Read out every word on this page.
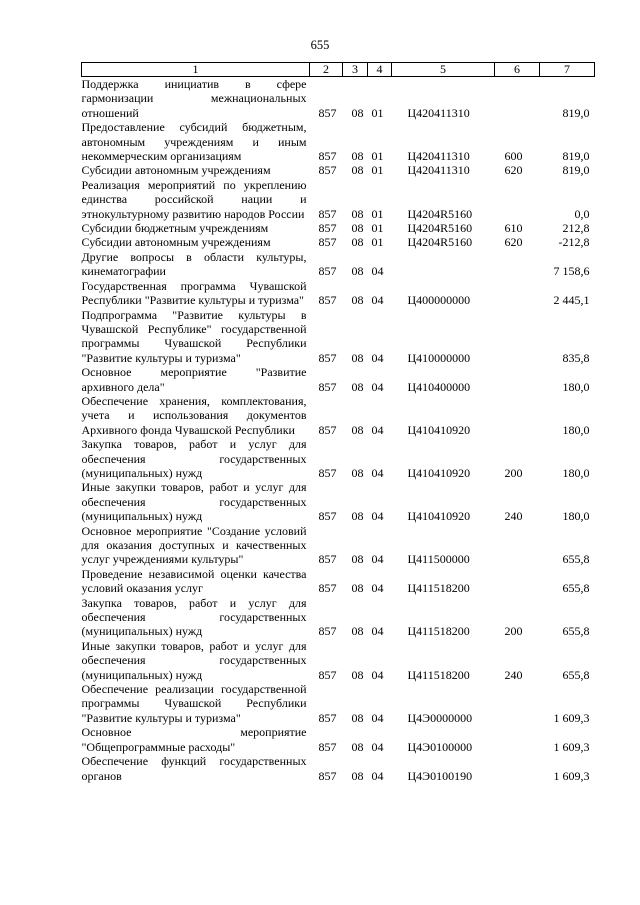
655
1	2	3	4	5	6	7
Поддержка инициатив в сфере гармонизации межнациональных отношений	857	08	01	Ц420411310		819,0
Предоставление субсидий бюджетным, автономным учреждениям и иным некоммерческим организациям	857	08	01	Ц420411310	600	819,0
Субсидии автономным учреждениям	857	08	01	Ц420411310	620	819,0
Реализация мероприятий по укреплению единства российской нации и этнокультурному развитию народов России	857	08	01	Ц4204R5160		0,0
Субсидии бюджетным учреждениям	857	08	01	Ц4204R5160	610	212,8
Субсидии автономным учреждениям	857	08	01	Ц4204R5160	620	-212,8
Другие вопросы в области культуры, кинематографии	857	08	04			7 158,6
Государственная программа Чувашской Республики "Развитие культуры и туризма"	857	08	04	Ц400000000		2 445,1
Подпрограмма "Развитие культуры в Чувашской Республике" государственной программы Чувашской Республики "Развитие культуры и туризма"	857	08	04	Ц410000000		835,8
Основное мероприятие "Развитие архивного дела"	857	08	04	Ц410400000		180,0
Обеспечение хранения, комплектования, учета и использования документов Архивного фонда Чувашской Республики	857	08	04	Ц410410920		180,0
Закупка товаров, работ и услуг для обеспечения государственных (муниципальных) нужд	857	08	04	Ц410410920	200	180,0
Иные закупки товаров, работ и услуг для обеспечения государственных (муниципальных) нужд	857	08	04	Ц410410920	240	180,0
Основное мероприятие "Создание условий для оказания доступных и качественных услуг учреждениями культуры"	857	08	04	Ц411500000		655,8
Проведение независимой оценки качества условий оказания услуг	857	08	04	Ц411518200		655,8
Закупка товаров, работ и услуг для обеспечения государственных (муниципальных) нужд	857	08	04	Ц411518200	200	655,8
Иные закупки товаров, работ и услуг для обеспечения государственных (муниципальных) нужд	857	08	04	Ц411518200	240	655,8
Обеспечение реализации государственной программы Чувашской Республики "Развитие культуры и туризма"	857	08	04	Ц4Э0000000		1 609,3
Основное мероприятие "Общепрограммные расходы"	857	08	04	Ц4Э0100000		1 609,3
Обеспечение функций государственных органов	857	08	04	Ц4Э0100190		1 609,3
